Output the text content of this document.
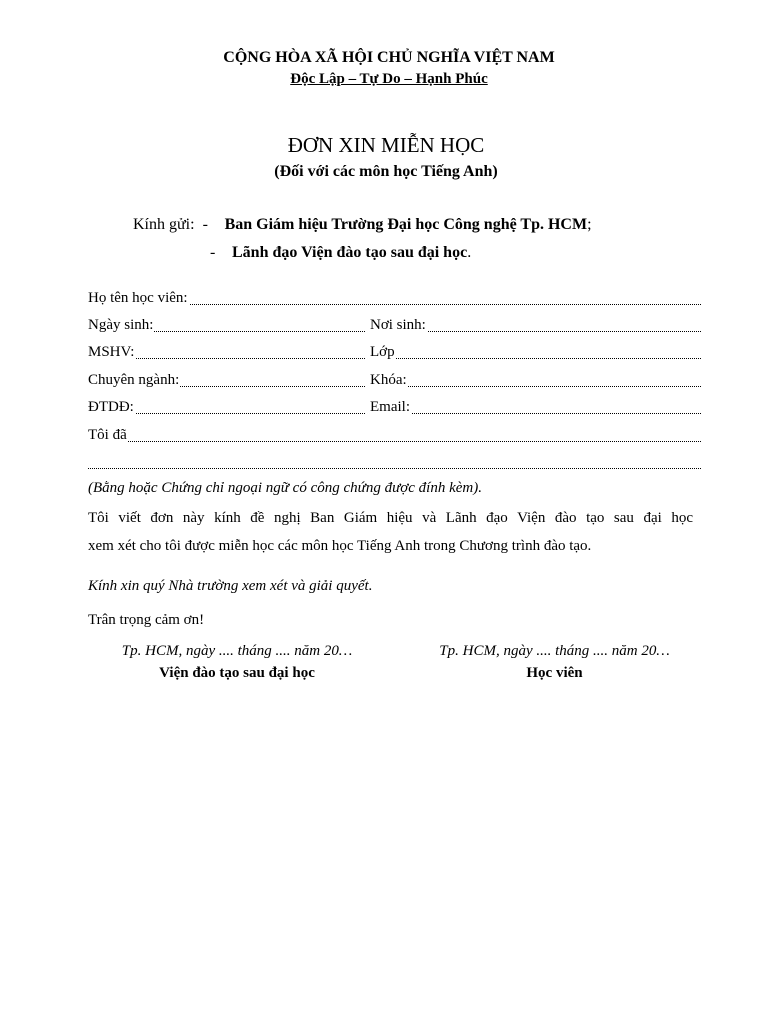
CỘNG HÒA XÃ HỘI CHỦ NGHĨA VIỆT NAM
Độc Lập – Tự Do – Hạnh Phúc
ĐƠN XIN MIỄN HỌC
(Đối với các môn học Tiếng Anh)
Kính gửi: - Ban Giám hiệu Trường Đại học Công nghệ Tp. HCM;
- Lãnh đạo Viện đào tạo sau đại học.
Họ tên học viên:
Ngày sinh:	Nơi sinh:
MSHV:	Lớp
Chuyên ngành:	Khóa:
ĐTDĐ:	Email:
Tôi đã
(Bằng hoặc Chứng chỉ ngoại ngữ có công chứng được đính kèm).
Tôi viết đơn này kính đề nghị Ban Giám hiệu và Lãnh đạo Viện đào tạo sau đại học
xem xét cho tôi được miễn học các môn học Tiếng Anh trong Chương trình đào tạo.
Kính xin quý Nhà trường xem xét và giải quyết.
Trân trọng cảm ơn!
Tp. HCM, ngày .... tháng .... năm 20…
Viện đào tạo sau đại học
Tp. HCM, ngày .... tháng .... năm 20…
Học viên
